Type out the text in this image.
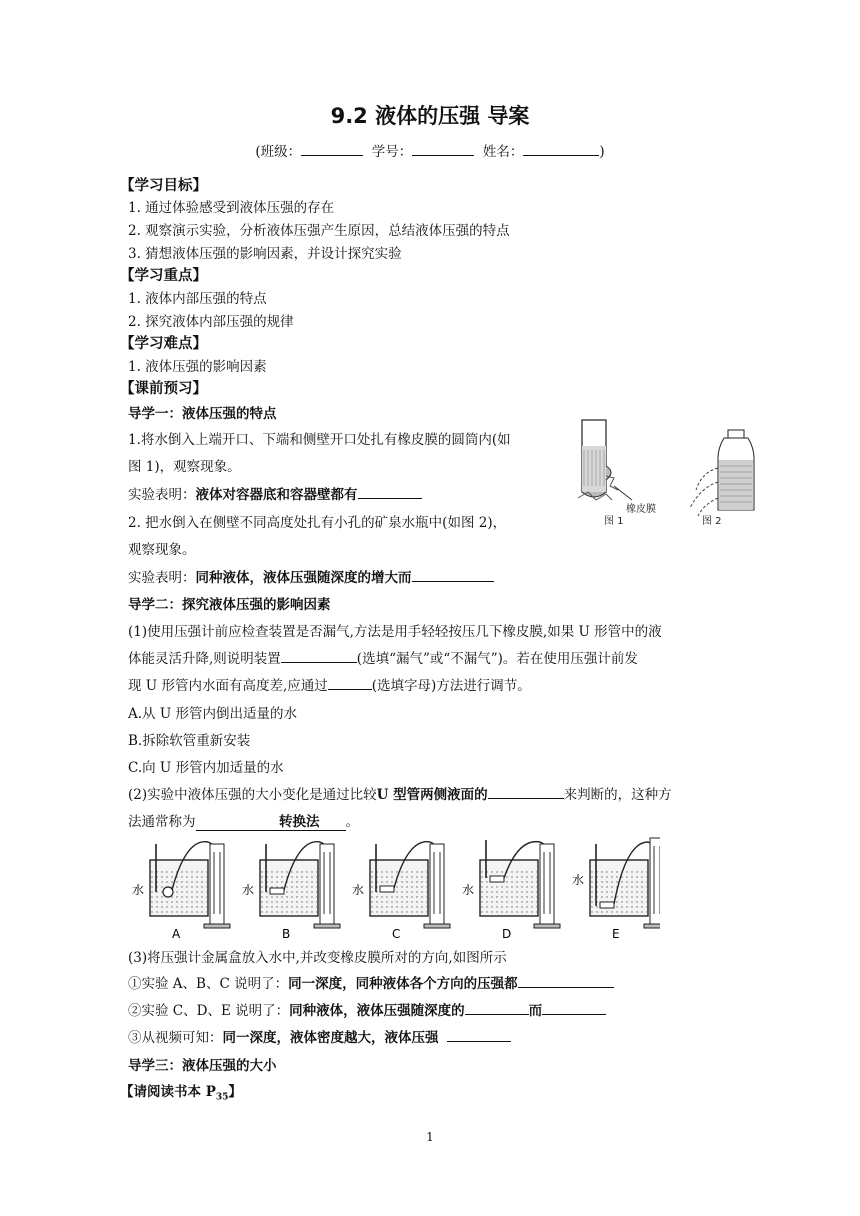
9.2 液体的压强 导案
(班级：	学号：	姓名：	)
【学习目标】
1. 通过体验感受到液体压强的存在
2. 观察演示实验，分析液体压强产生原因，总结液体压强的特点
3. 猜想液体压强的影响因素，并设计探究实验
【学习重点】
1. 液体内部压强的特点
2. 探究液体内部压强的规律
【学习难点】
1. 液体压强的影响因素
【课前预习】
导学一：液体压强的特点
1.将水倒入上端开口、下端和侧壁开口处扎有橡皮膜的圆筒内(如
图 1)，观察现象。
实验表明：液体对容器底和容器壁都有
2. 把水倒入在侧壁不同高度处扎有小孔的矿泉水瓶中(如图 2)，
观察现象。
实验表明：同种液体，液体压强随深度的增大而
橡皮膜
图 1	图 2
导学二：探究液体压强的影响因素
(1)使用压强计前应检查装置是否漏气,方法是用手轻轻按压几下橡皮膜,如果 U 形管中的液
体能灵活升降,则说明装置	(选填“漏气”或“不漏气”)。若在使用压强计前发
现 U 形管内水面有高度差,应通过	(选填字母)方法进行调节。
A.从 U 形管内倒出适量的水
B.拆除软管重新安装
C.向 U 形管内加适量的水
(2)实验中液体压强的大小变化是通过比较U 型管两侧液面的	来判断的，这种方
法通常称为	转换法 。
水
A
水
B
水
C
水
D
水
E
(3)将压强计金属盒放入水中,并改变橡皮膜所对的方向,如图所示
①实验 A、B、C 说明了：同一深度，同种液体各个方向的压强都
②实验 C、D、E 说明了：同种液体，液体压强随深度的	而
③从视频可知：同一深度，液体密度越大，液体压强
导学三：液体压强的大小
【请阅读书本 $P_{35}$】
1
